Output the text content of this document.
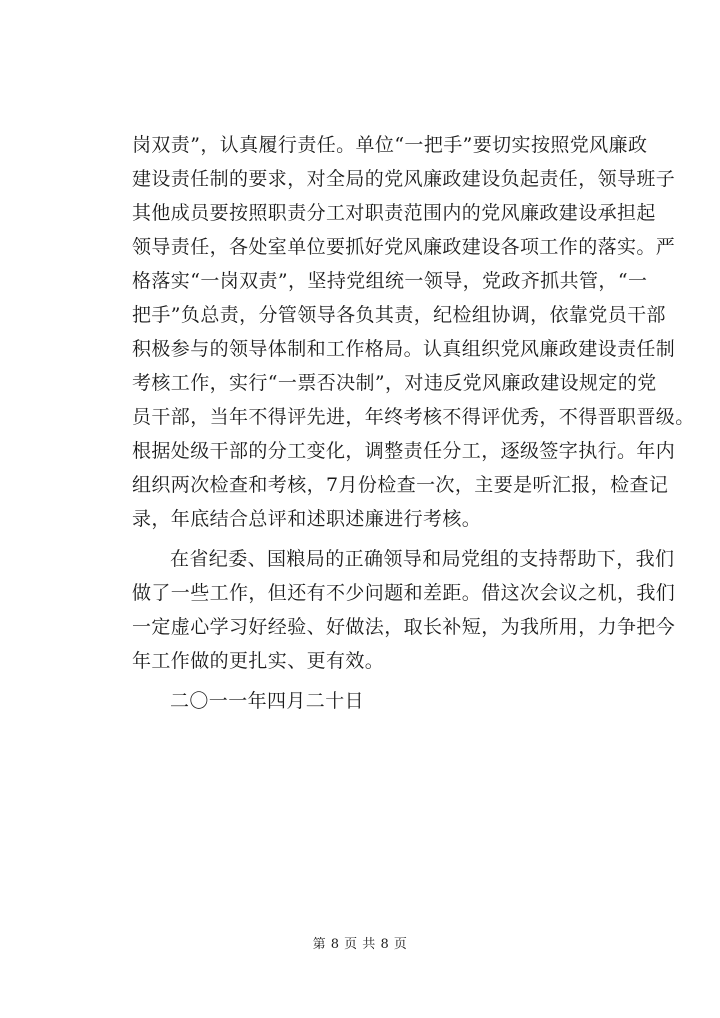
岗双责”，认真履行责任。单位“一把手”要切实按照党风廉政
建设责任制的要求，对全局的党风廉政建设负起责任，领导班子
其他成员要按照职责分工对职责范围内的党风廉政建设承担起
领导责任，各处室单位要抓好党风廉政建设各项工作的落实。严
格落实“一岗双责”，坚持党组统一领导，党政齐抓共管，“一
把手”负总责，分管领导各负其责，纪检组协调，依靠党员干部
积极参与的领导体制和工作格局。认真组织党风廉政建设责任制
考核工作，实行“一票否决制”，对违反党风廉政建设规定的党
员干部，当年不得评先进，年终考核不得评优秀，不得晋职晋级。
根据处级干部的分工变化，调整责任分工，逐级签字执行。年内
组织两次检查和考核，7月份检查一次，主要是听汇报，检查记
录，年底结合总评和述职述廉进行考核。
在省纪委、国粮局的正确领导和局党组的支持帮助下，我们
做了一些工作，但还有不少问题和差距。借这次会议之机，我们
一定虚心学习好经验、好做法，取长补短，为我所用，力争把今
年工作做的更扎实、更有效。
二〇一一年四月二十日
第 8 页 共 8 页
